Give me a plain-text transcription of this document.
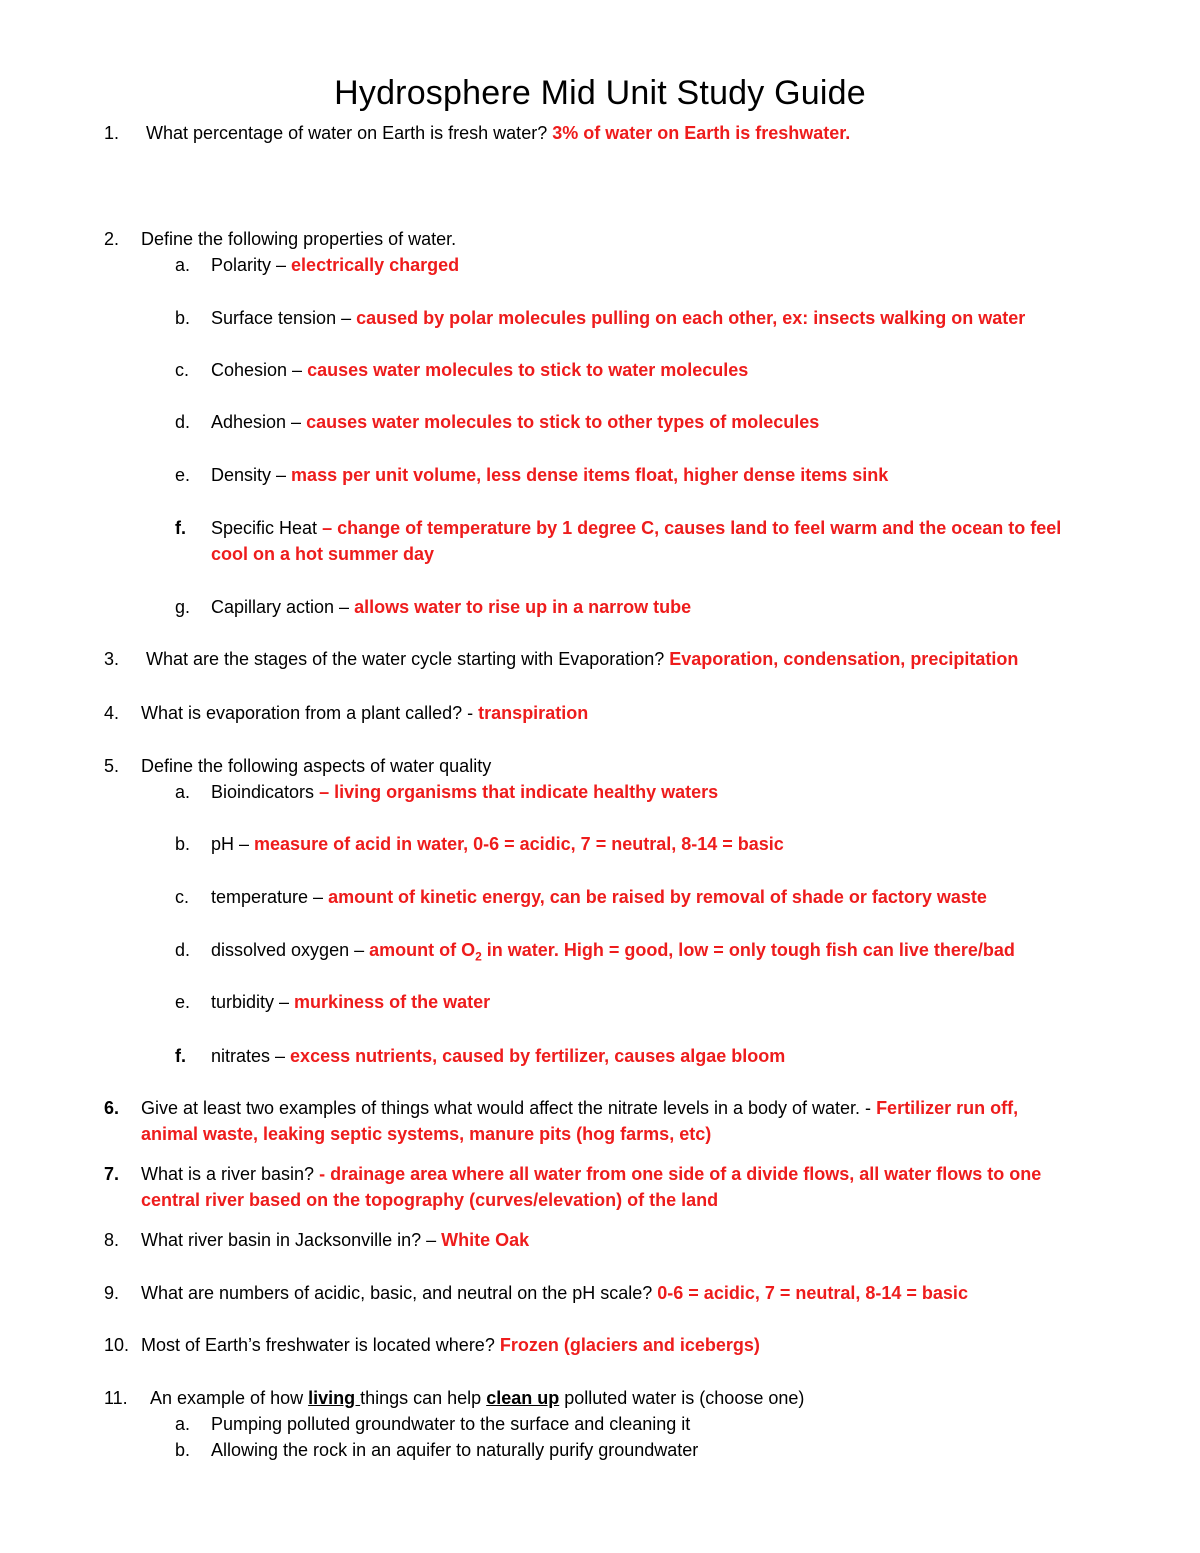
Hydrosphere Mid Unit Study Guide
1.	What percentage of water on Earth is fresh water? 3% of water on Earth is freshwater.
2.	Define the following properties of water.
a.	Polarity – electrically charged
b.	Surface tension – caused by polar molecules pulling on each other, ex: insects walking on water
c.	Cohesion – causes water molecules to stick to water molecules
d.	Adhesion – causes water molecules to stick to other types of molecules
e.	Density – mass per unit volume, less dense items float, higher dense items sink
f.	Specific Heat – change of temperature by 1 degree C, causes land to feel warm and the ocean to feel
cool on a hot summer day
g.	Capillary action – allows water to rise up in a narrow tube
3.	What are the stages of the water cycle starting with Evaporation? Evaporation, condensation, precipitation
4.	What is evaporation from a plant called? - transpiration
5.	Define the following aspects of water quality
a.	Bioindicators – living organisms that indicate healthy waters
b.	pH – measure of acid in water, 0-6 = acidic, 7 = neutral, 8-14 = basic
c.	temperature – amount of kinetic energy, can be raised by removal of shade or factory waste
d.	dissolved oxygen – amount of $O_2$ in water. High = good, low = only tough fish can live there/bad
e.	turbidity – murkiness of the water
f.	nitrates – excess nutrients, caused by fertilizer, causes algae bloom
6.	Give at least two examples of things what would affect the nitrate levels in a body of water. - Fertilizer run off,
animal waste, leaking septic systems, manure pits (hog farms, etc)
7.	What is a river basin? - drainage area where all water from one side of a divide flows, all water flows to one
central river based on the topography (curves/elevation) of the land
8.	What river basin in Jacksonville in? – White Oak
9.	What are numbers of acidic, basic, and neutral on the pH scale? 0-6 = acidic, 7 = neutral, 8-14 = basic
10. Most of Earth’s freshwater is located where? Frozen (glaciers and icebergs)
11.	An example of how living things can help clean up polluted water is (choose one)
a.	Pumping polluted groundwater to the surface and cleaning it
b.	Allowing the rock in an aquifer to naturally purify groundwater
